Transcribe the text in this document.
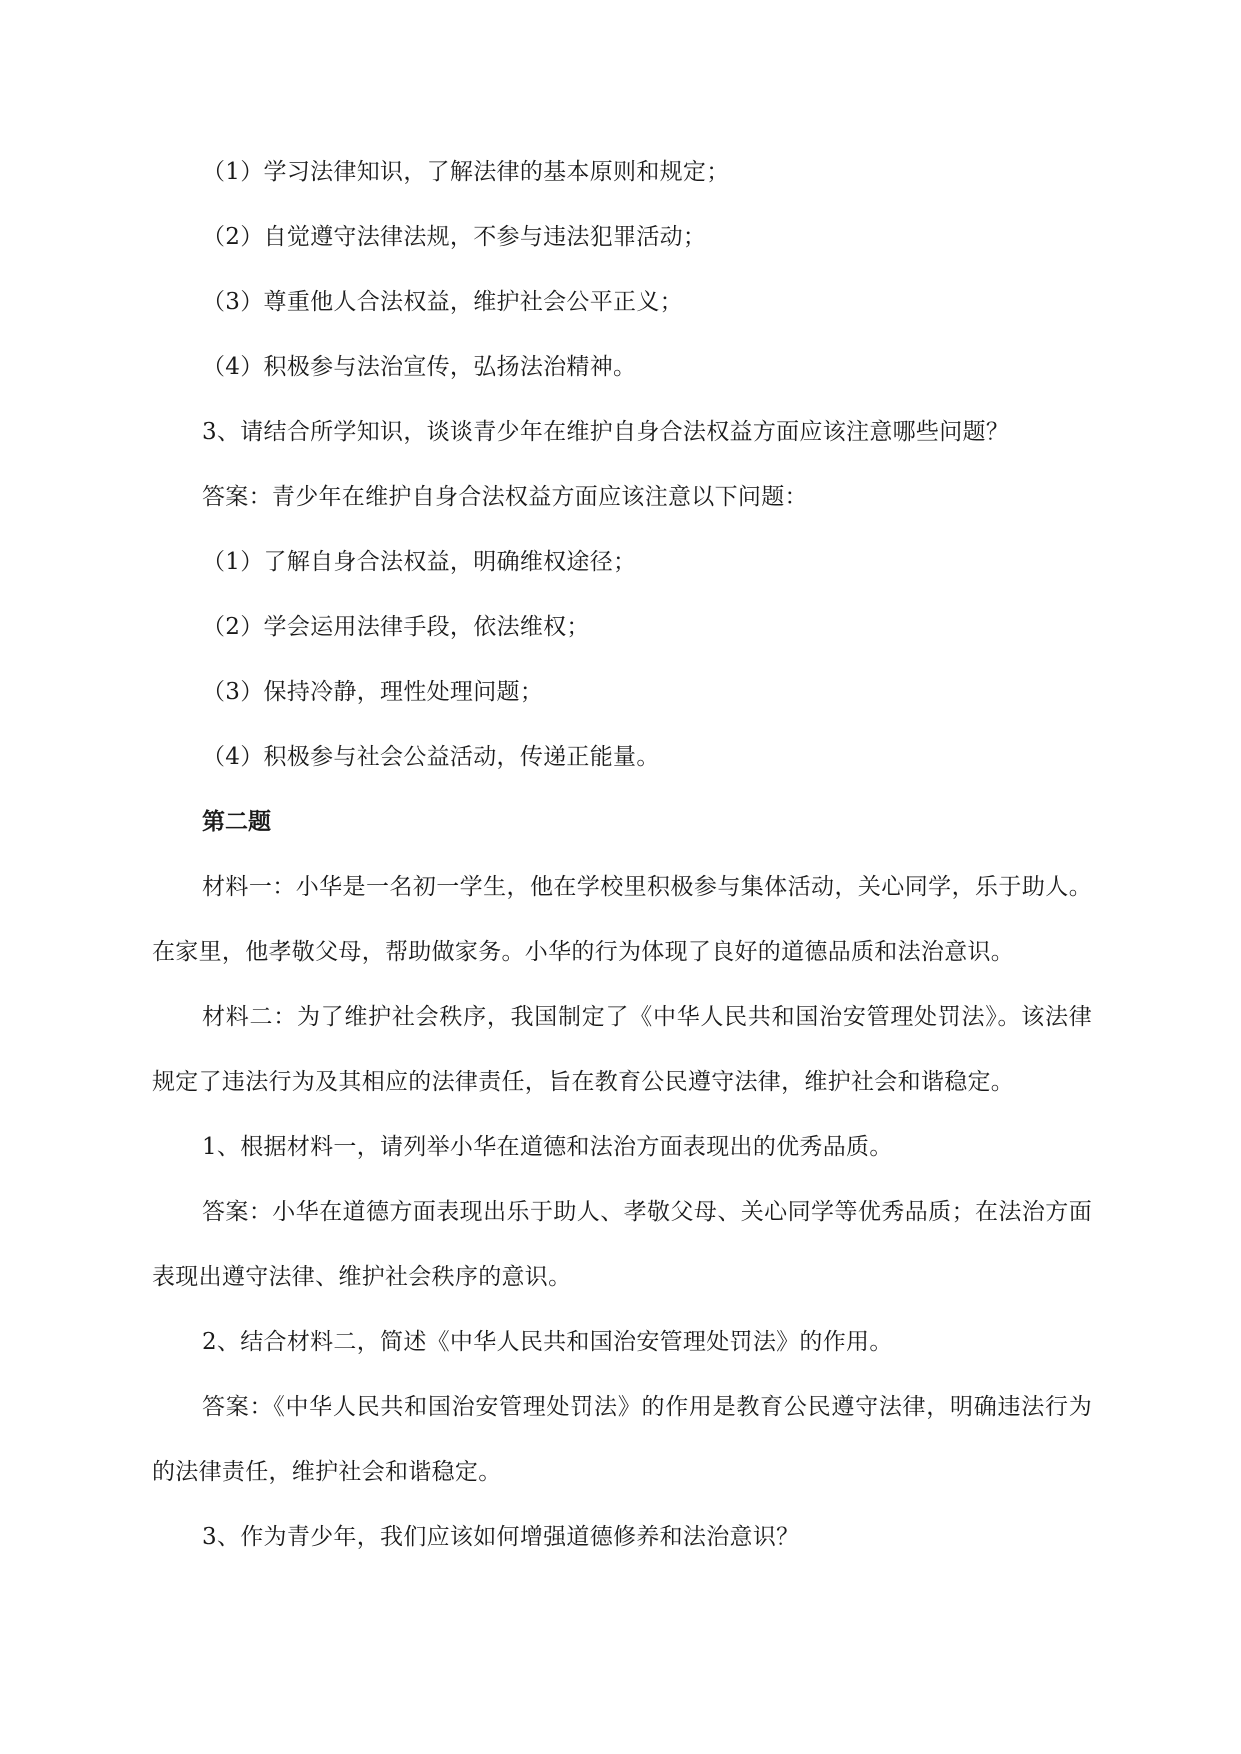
（1）学习法律知识，了解法律的基本原则和规定；

（2）自觉遵守法律法规，不参与违法犯罪活动；

（3）尊重他人合法权益，维护社会公平正义；

（4）积极参与法治宣传，弘扬法治精神。

3、请结合所学知识，谈谈青少年在维护自身合法权益方面应该注意哪些问题？

答案：青少年在维护自身合法权益方面应该注意以下问题：

（1）了解自身合法权益，明确维权途径；

（2）学会运用法律手段，依法维权；

（3）保持冷静，理性处理问题；

（4）积极参与社会公益活动，传递正能量。

第二题

材料一：小华是一名初一学生，他在学校里积极参与集体活动，关心同学，乐于助人。在家里，他孝敬父母，帮助做家务。小华的行为体现了良好的道德品质和法治意识。

材料二：为了维护社会秩序，我国制定了《中华人民共和国治安管理处罚法》。该法律规定了违法行为及其相应的法律责任，旨在教育公民遵守法律，维护社会和谐稳定。

1、根据材料一，请列举小华在道德和法治方面表现出的优秀品质。

答案：小华在道德方面表现出乐于助人、孝敬父母、关心同学等优秀品质；在法治方面表现出遵守法律、维护社会秩序的意识。

2、结合材料二，简述《中华人民共和国治安管理处罚法》的作用。

答案：《中华人民共和国治安管理处罚法》的作用是教育公民遵守法律，明确违法行为的法律责任，维护社会和谐稳定。

3、作为青少年，我们应该如何增强道德修养和法治意识？
